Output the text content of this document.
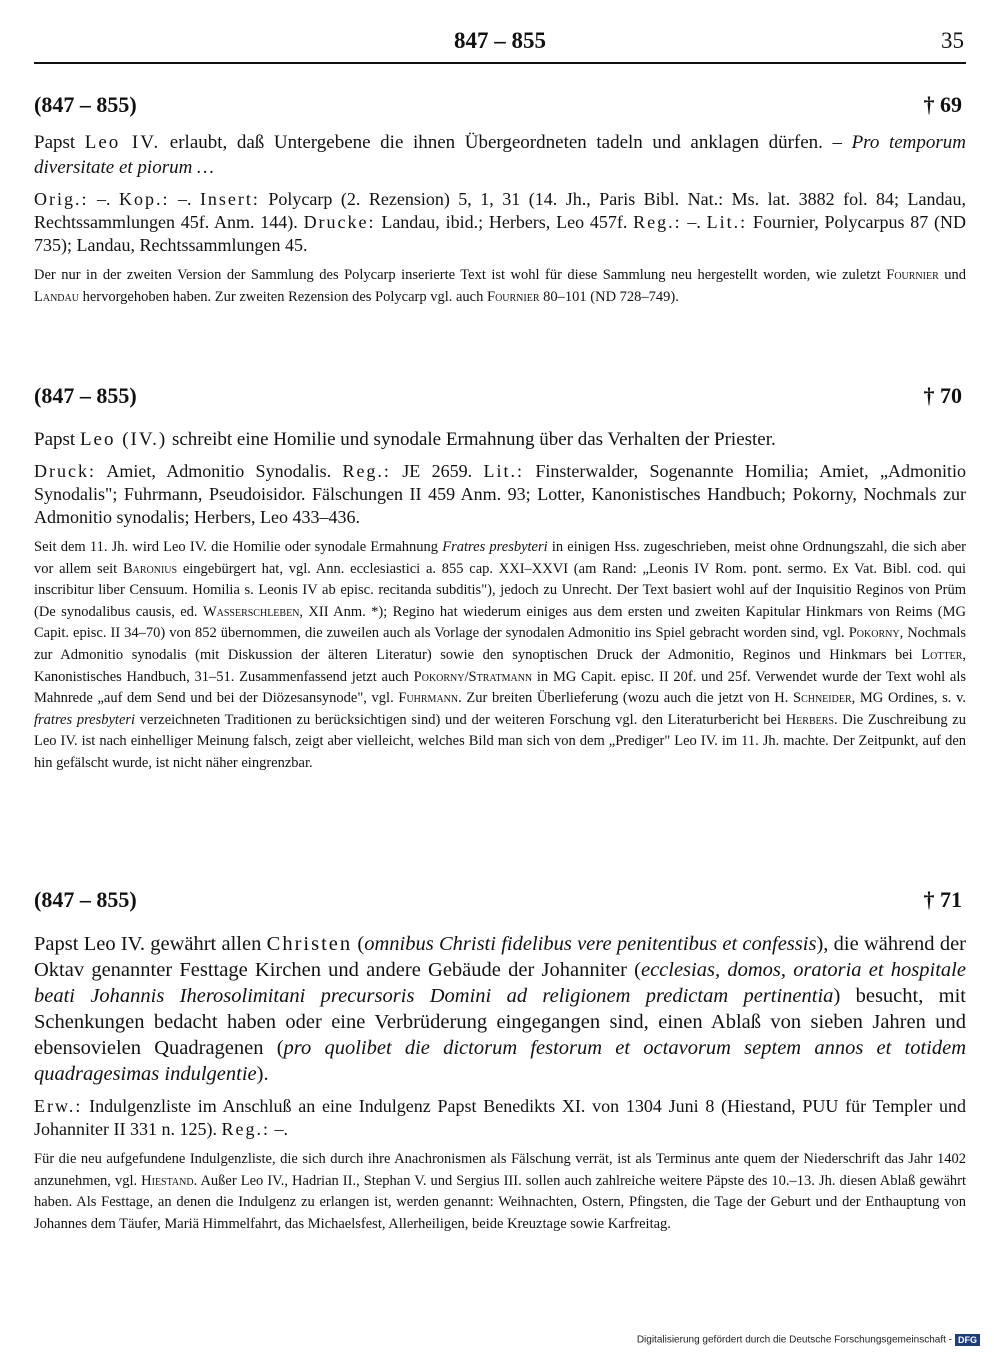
847 – 855	35
(847 – 855)	† 69

Papst Leo IV. erlaubt, daß Untergebene die ihnen Übergeordneten tadeln und anklagen dürfen. – Pro temporum diversitate et piorum …

Orig.: –. Kop.: –. Insert: Polycarp (2. Rezension) 5, 1, 31 (14. Jh., Paris Bibl. Nat.: Ms. lat. 3882 fol. 84; Landau, Rechtssammlungen 45f. Anm. 144). Drucke: Landau, ibid.; Herbers, Leo 457f. Reg.: –. Lit.: Fournier, Polycarpus 87 (ND 735); Landau, Rechtssammlungen 45.

Der nur in der zweiten Version der Sammlung des Polycarp inserierte Text ist wohl für diese Sammlung neu hergestellt worden, wie zuletzt Fournier und Landau hervorgehoben haben. Zur zweiten Rezension des Polycarp vgl. auch Fournier 80–101 (ND 728–749).

(847 – 855)	† 70

Papst Leo (IV.) schreibt eine Homilie und synodale Ermahnung über das Verhalten der Priester.

Druck: Amiet, Admonitio Synodalis. Reg.: JE 2659. Lit.: Finsterwalder, Sogenannte Homilia; Amiet, „Admonitio Synodalis"; Fuhrmann, Pseudoisidor. Fälschungen II 459 Anm. 93; Lotter, Kanonistisches Handbuch; Pokorny, Nochmals zur Admonitio synodalis; Herbers, Leo 433–436.

Seit dem 11. Jh. wird Leo IV. die Homilie oder synodale Ermahnung Fratres presbyteri in einigen Hss. zugeschrieben, meist ohne Ordnungszahl, die sich aber vor allem seit Baronius eingebürgert hat, vgl. Ann. ecclesiastici a. 855 cap. XXI–XXVI (am Rand: „Leonis IV Rom. pont. sermo. Ex Vat. Bibl. cod. qui inscribitur liber Censuum. Homilia s. Leonis IV ab episc. recitanda subditis"), jedoch zu Unrecht. Der Text basiert wohl auf der Inquisitio Reginos von Prüm (De synodalibus causis, ed. Wasserschleben, XII Anm. *); Regino hat wiederum einiges aus dem ersten und zweiten Kapitular Hinkmars von Reims (MG Capit. episc. II 34–70) von 852 übernommen, die zuweilen auch als Vorlage der synodalen Admonitio ins Spiel gebracht worden sind, vgl. Pokorny, Nochmals zur Admonitio synodalis (mit Diskussion der älteren Literatur) sowie den synoptischen Druck der Admonitio, Reginos und Hinkmars bei Lotter, Kanonistisches Handbuch, 31–51. Zusammenfassend jetzt auch Pokorny/Stratmann in MG Capit. episc. II 20f. und 25f. Verwendet wurde der Text wohl als Mahnrede „auf dem Send und bei der Diözesansynode", vgl. Fuhrmann. Zur breiten Überlieferung (wozu auch die jetzt von H. Schneider, MG Ordines, s. v. fratres presbyteri verzeichneten Traditionen zu berücksichtigen sind) und der weiteren Forschung vgl. den Literaturbericht bei Herbers. Die Zuschreibung zu Leo IV. ist nach einhelliger Meinung falsch, zeigt aber vielleicht, welches Bild man sich von dem „Prediger" Leo IV. im 11. Jh. machte. Der Zeitpunkt, auf den hin gefälscht wurde, ist nicht näher eingrenzbar.

(847 – 855)	† 71

Papst Leo IV. gewährt allen Christen (omnibus Christi fidelibus vere penitentibus et confessis), die während der Oktav genannter Festtage Kirchen und andere Gebäude der Johanniter (ecclesias, domos, oratoria et hospitale beati Johannis Iherosolimitani precursoris Domini ad religionem predictam pertinentia) besucht, mit Schenkungen bedacht haben oder eine Verbrüderung eingegangen sind, einen Ablaß von sieben Jahren und ebensovielen Quadragenen (pro quolibet die dictorum festorum et octavorum septem annos et totidem quadragesimas indulgentie).

Erw.: Indulgenzliste im Anschluß an eine Indulgenz Papst Benedikts XI. von 1304 Juni 8 (Hiestand, PUU für Templer und Johanniter II 331 n. 125). Reg.: –.

Für die neu aufgefundene Indulgenzliste, die sich durch ihre Anachronismen als Fälschung verrät, ist als Terminus ante quem der Niederschrift das Jahr 1402 anzunehmen, vgl. Hiestand. Außer Leo IV., Hadrian II., Stephan V. und Sergius III. sollen auch zahlreiche weitere Päpste des 10.–13. Jh. diesen Ablaß gewährt haben. Als Festtage, an denen die Indulgenz zu erlangen ist, werden genannt: Weihnachten, Ostern, Pfingsten, die Tage der Geburt und der Enthauptung von Johannes dem Täufer, Mariä Himmelfahrt, das Michaelsfest, Allerheiligen, beide Kreuztage sowie Karfreitag.

Digitalisierung gefördert durch die Deutsche Forschungsgemeinschaft - DFG
